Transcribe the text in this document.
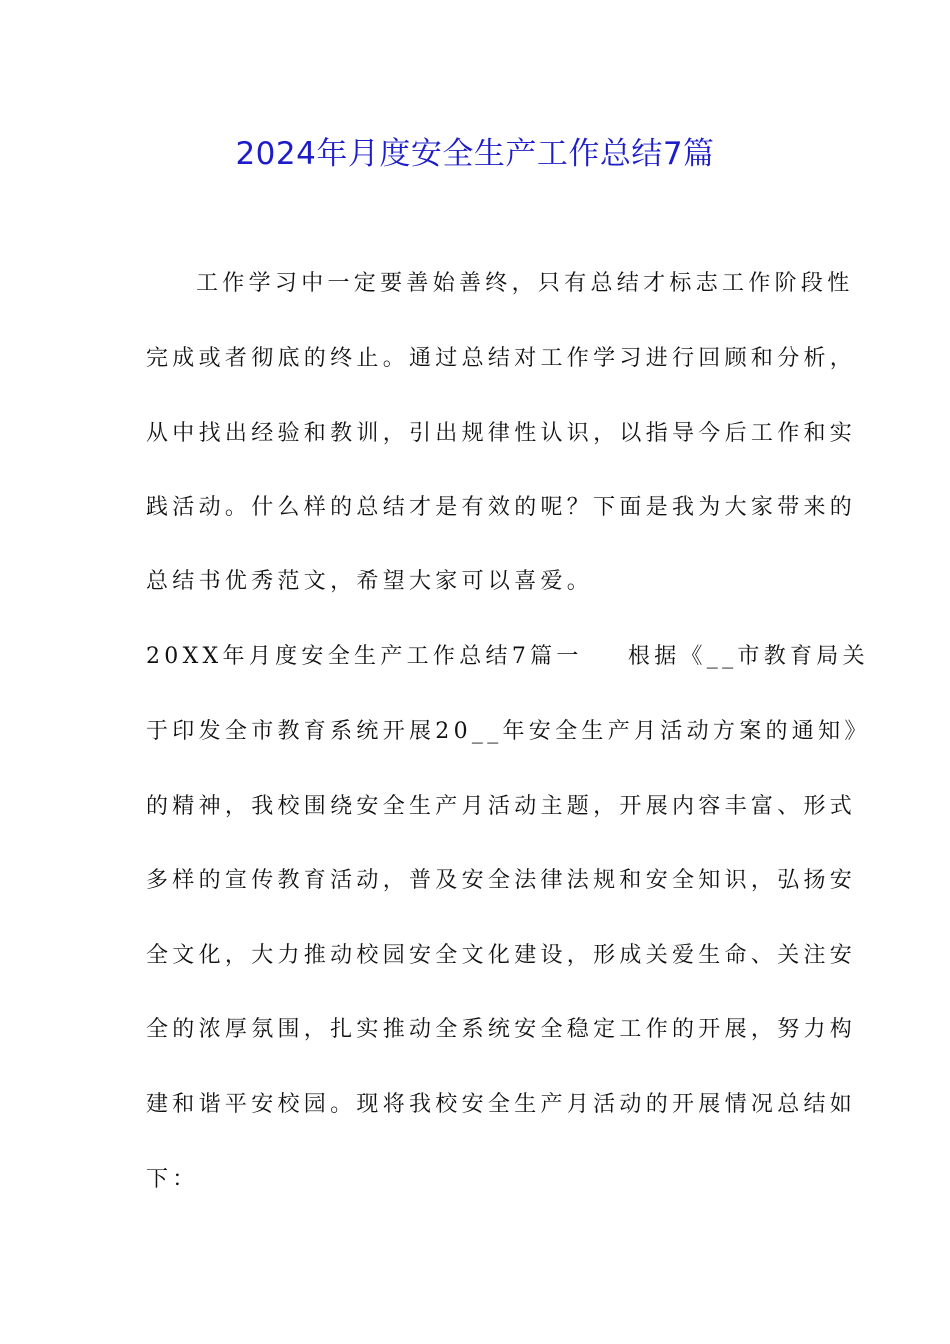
2024年月度安全生产工作总结7篇
工作学习中一定要善始善终，只有总结才标志工作阶段性
完成或者彻底的终止。通过总结对工作学习进行回顾和分析，
从中找出经验和教训，引出规律性认识，以指导今后工作和实
践活动。什么样的总结才是有效的呢？下面是我为大家带来的
总结书优秀范文，希望大家可以喜爱。
20XX年月度安全生产工作总结7篇一    根据《__市教育局关
于印发全市教育系统开展20__年安全生产月活动方案的通知》
的精神，我校围绕安全生产月活动主题，开展内容丰富、形式
多样的宣传教育活动，普及安全法律法规和安全知识，弘扬安
全文化，大力推动校园安全文化建设，形成关爱生命、关注安
全的浓厚氛围，扎实推动全系统安全稳定工作的开展，努力构
建和谐平安校园。现将我校安全生产月活动的开展情况总结如
下：
